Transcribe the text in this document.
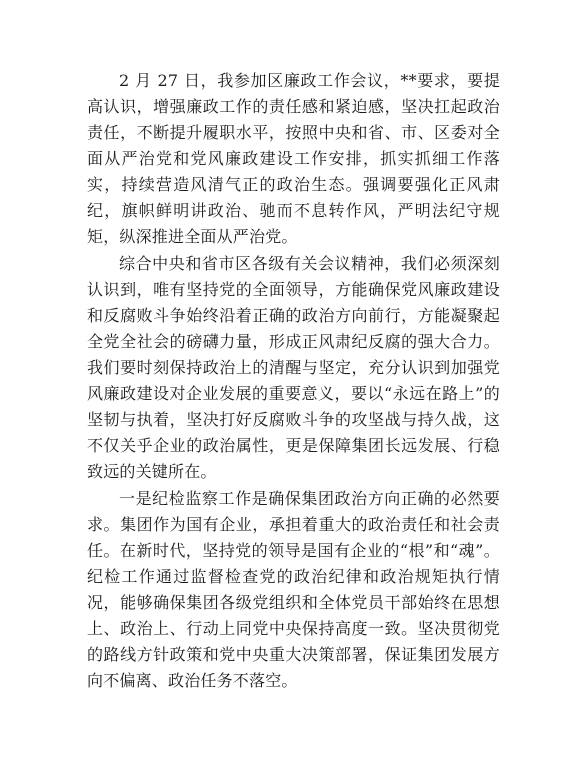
2 月 27 日，我参加区廉政工作会议，**要求，要提高认识，增强廉政工作的责任感和紧迫感，坚决扛起政治责任，不断提升履职水平，按照中央和省、市、区委对全面从严治党和党风廉政建设工作安排，抓实抓细工作落实，持续营造风清气正的政治生态。强调要强化正风肃纪，旗帜鲜明讲政治、驰而不息转作风，严明法纪守规矩，纵深推进全面从严治党。

综合中央和省市区各级有关会议精神，我们必须深刻认识到，唯有坚持党的全面领导，方能确保党风廉政建设和反腐败斗争始终沿着正确的政治方向前行，方能凝聚起全党全社会的磅礴力量，形成正风肃纪反腐的强大合力。我们要时刻保持政治上的清醒与坚定，充分认识到加强党风廉政建设对企业发展的重要意义，要以“永远在路上”的坚韧与执着，坚决打好反腐败斗争的攻坚战与持久战，这不仅关乎企业的政治属性，更是保障集团长远发展、行稳致远的关键所在。

一是纪检监察工作是确保集团政治方向正确的必然要求。集团作为国有企业，承担着重大的政治责任和社会责任。在新时代，坚持党的领导是国有企业的“根”和“魂”。纪检工作通过监督检查党的政治纪律和政治规矩执行情况，能够确保集团各级党组织和全体党员干部始终在思想上、政治上、行动上同党中央保持高度一致。坚决贯彻党的路线方针政策和党中央重大决策部署，保证集团发展方向不偏离、政治任务不落空。
